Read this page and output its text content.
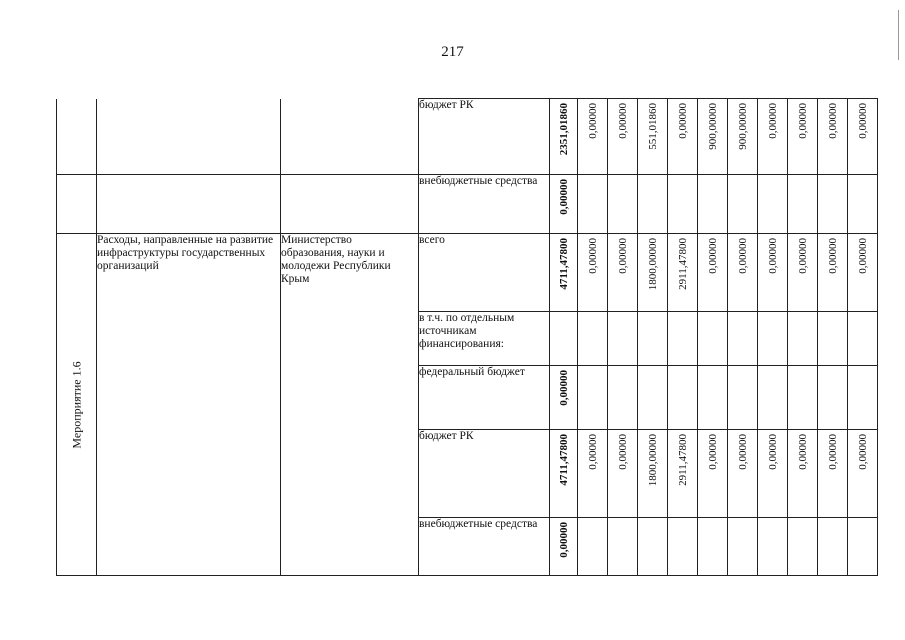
217
			бюджет РК	2351,01860	0,00000	0,00000	551,01860	0,00000	900,00000	900,00000	0,00000	0,00000	0,00000	0,00000

			внебюджетные средства	0,00000										

Мероприятие 1.6	Расходы, направленные на развитие инфраструктуры государственных организаций	Министерство образования, науки и молодежи Республики Крым	всего	4711,47800	0,00000	0,00000	1800,00000	2911,47800	0,00000	0,00000	0,00000	0,00000	0,00000	0,00000

			в т.ч. по отдельным источникам финансирования:											
			федеральный бюджет	0,00000										

			бюджет РК	4711,47800	0,00000	0,00000	1800,00000	2911,47800	0,00000	0,00000	0,00000	0,00000	0,00000	0,00000

			внебюджетные средства	0,00000										
